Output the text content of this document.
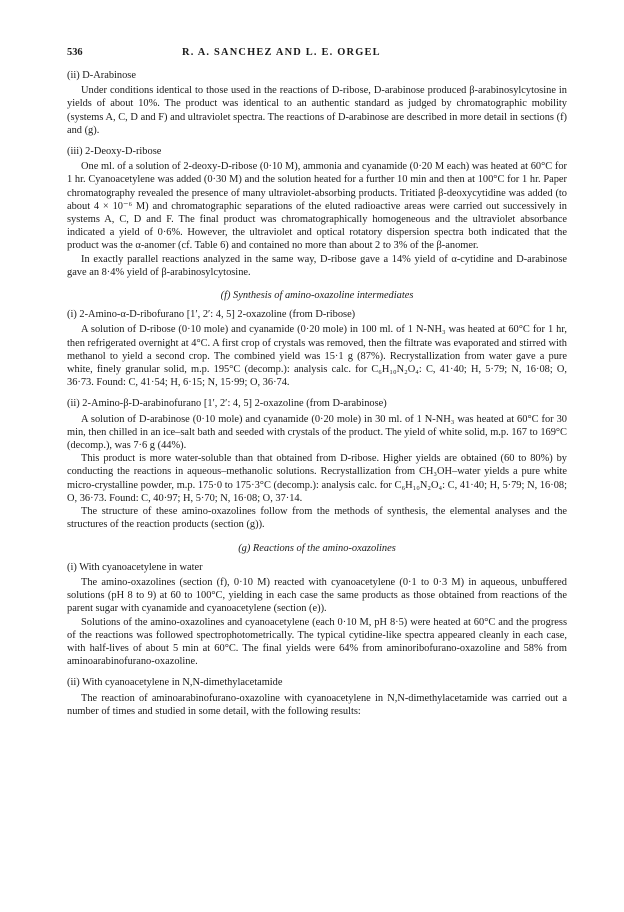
536	R. A. SANCHEZ AND L. E. ORGEL

(ii) D-Arabinose

Under conditions identical to those used in the reactions of D-ribose, D-arabinose produced β-arabinosylcytosine in yields of about 10%. The product was identical to an authentic standard as judged by chromatographic mobility (systems A, C, D and F) and ultraviolet spectra. The reactions of D-arabinose are described in more detail in sections (f) and (g).

(iii) 2-Deoxy-D-ribose

One ml. of a solution of 2-deoxy-D-ribose (0·10 M), ammonia and cyanamide (0·20 M each) was heated at 60°C for 1 hr. Cyanoacetylene was added (0·30 M) and the solution heated for a further 10 min and then at 100°C for 1 hr. Paper chromatography revealed the presence of many ultraviolet-absorbing products. Tritiated β-deoxycytidine was added (to about 4 × 10⁻⁶ M) and chromatographic separations of the eluted radioactive areas were carried out successively in systems A, C, D and F. The final product was chromatographically homogeneous and the ultraviolet absorbance indicated a yield of 0·6%. However, the ultraviolet and optical rotatory dispersion spectra both indicated that the product was the α-anomer (cf. Table 6) and contained no more than about 2 to 3% of the β-anomer.

In exactly parallel reactions analyzed in the same way, D-ribose gave a 14% yield of α-cytidine and D-arabinose gave an 8·4% yield of β-arabinosylcytosine.

(f) Synthesis of amino-oxazoline intermediates

(i) 2-Amino-α-D-ribofurano [1′, 2′: 4, 5] 2-oxazoline (from D-ribose)

A solution of D-ribose (0·10 mole) and cyanamide (0·20 mole) in 100 ml. of 1 N-NH₃ was heated at 60°C for 1 hr, then refrigerated overnight at 4°C. A first crop of crystals was removed, then the filtrate was evaporated and stirred with methanol to yield a second crop. The combined yield was 15·1 g (87%). Recrystallization from water gave a pure white, finely granular solid, m.p. 195°C (decomp.): analysis calc. for C₆H₁₀N₂O₄: C, 41·40; H, 5·79; N, 16·08; O, 36·73. Found: C, 41·54; H, 6·15; N, 15·99; O, 36·74.

(ii) 2-Amino-β-D-arabinofurano [1′, 2′: 4, 5] 2-oxazoline (from D-arabinose)

A solution of D-arabinose (0·10 mole) and cyanamide (0·20 mole) in 30 ml. of 1 N-NH₃ was heated at 60°C for 30 min, then chilled in an ice–salt bath and seeded with crystals of the product. The yield of white solid, m.p. 167 to 169°C (decomp.), was 7·6 g (44%).

This product is more water-soluble than that obtained from D-ribose. Higher yields are obtained (60 to 80%) by conducting the reactions in aqueous–methanolic solutions. Recrystallization from CH₃OH–water yields a pure white micro-crystalline powder, m.p. 175·0 to 175·3°C (decomp.): analysis calc. for C₆H₁₀N₂O₄: C, 41·40; H, 5·79; N, 16·08; O, 36·73. Found: C, 40·97; H, 5·70; N, 16·08; O, 37·14.

The structure of these amino-oxazolines follow from the methods of synthesis, the elemental analyses and the structures of the reaction products (section (g)).

(g) Reactions of the amino-oxazolines

(i) With cyanoacetylene in water

The amino-oxazolines (section (f), 0·10 M) reacted with cyanoacetylene (0·1 to 0·3 M) in aqueous, unbuffered solutions (pH 8 to 9) at 60 to 100°C, yielding in each case the same products as those obtained from reactions of the parent sugar with cyanamide and cyanoacetylene (section (e)).

Solutions of the amino-oxazolines and cyanoacetylene (each 0·10 M, pH 8·5) were heated at 60°C and the progress of the reactions was followed spectrophotometrically. The typical cytidine-like spectra appeared cleanly in each case, with half-lives of about 5 min at 60°C. The final yields were 64% from aminoribofurano-oxazoline and 58% from aminoarabinofurano-oxazoline.

(ii) With cyanoacetylene in N,N-dimethylacetamide

The reaction of aminoarabinofurano-oxazoline with cyanoacetylene in N,N-dimethylacetamide was carried out a number of times and studied in some detail, with the following results:
